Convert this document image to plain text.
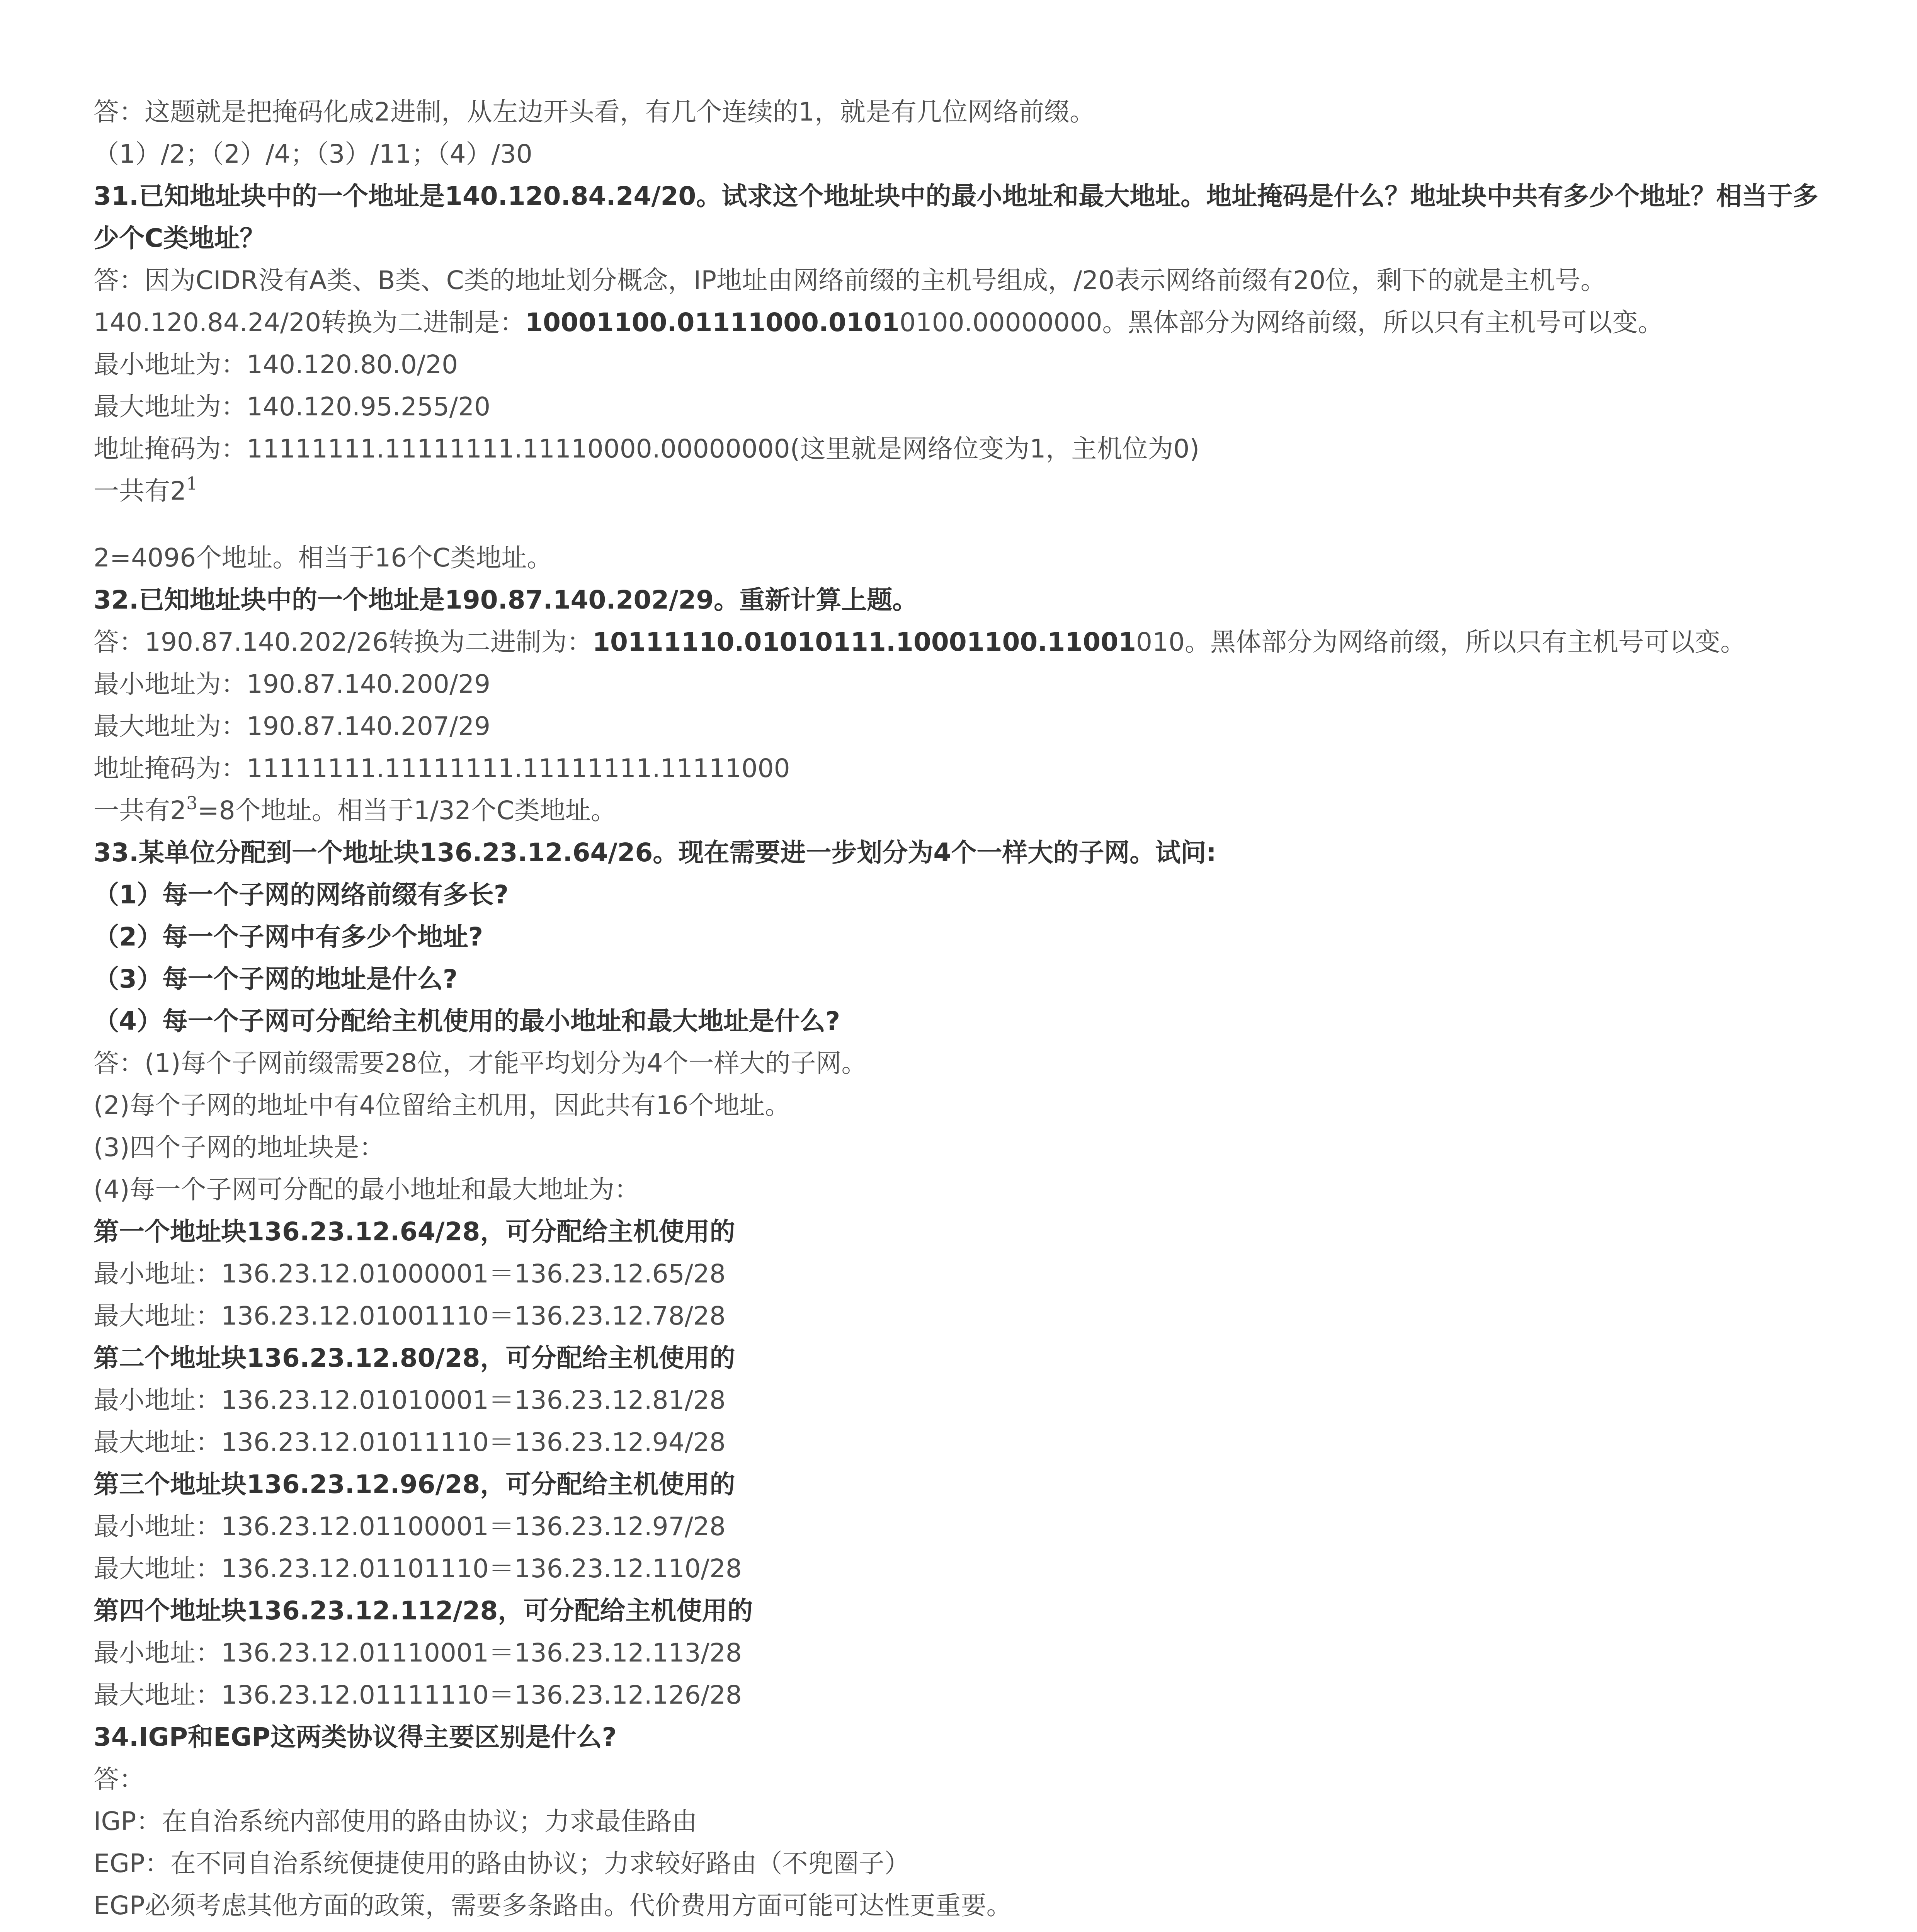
答：这题就是把掩码化成2进制，从左边开头看，有几个连续的1，就是有几位网络前缀。
（1）/2；（2）/4；（3）/11；（4）/30
31.已知地址块中的一个地址是140.120.84.24/20。试求这个地址块中的最小地址和最大地址。地址掩码是什么？地址块中共有多少个地址？相当于多少个C类地址？
答：因为CIDR没有A类、B类、C类的地址划分概念，IP地址由网络前缀的主机号组成，/20表示网络前缀有20位，剩下的就是主机号。
140.120.84.24/20转换为二进制是：10001100.01111000.01010100.00000000。黑体部分为网络前缀，所以只有主机号可以变。
最小地址为：140.120.80.0/20
最大地址为：140.120.95.255/20
地址掩码为：11111111.11111111.11110000.00000000(这里就是网络位变为1，主机位为0)
一共有$2^1$
2=4096个地址。相当于16个C类地址。
32.已知地址块中的一个地址是190.87.140.202/29。重新计算上题。
答：190.87.140.202/26转换为二进制为：10111110.01010111.10001100.11001010。黑体部分为网络前缀，所以只有主机号可以变。
最小地址为：190.87.140.200/29
最大地址为：190.87.140.207/29
地址掩码为：11111111.11111111.11111111.11111000
一共有$2^3=8$个地址。相当于1/32个C类地址。
33.某单位分配到一个地址块136.23.12.64/26。现在需要进一步划分为4个一样大的子网。试问:
（1）每一个子网的网络前缀有多长?
（2）每一个子网中有多少个地址?
（3）每一个子网的地址是什么?
（4）每一个子网可分配给主机使用的最小地址和最大地址是什么?
答：(1)每个子网前缀需要28位，才能平均划分为4个一样大的子网。
(2)每个子网的地址中有4位留给主机用，因此共有16个地址。
(3)四个子网的地址块是：
(4)每一个子网可分配的最小地址和最大地址为：
第一个地址块136.23.12.64/28，可分配给主机使用的
最小地址：136.23.12.01000001＝136.23.12.65/28
最大地址：136.23.12.01001110＝136.23.12.78/28
第二个地址块136.23.12.80/28，可分配给主机使用的
最小地址：136.23.12.01010001＝136.23.12.81/28
最大地址：136.23.12.01011110＝136.23.12.94/28
第三个地址块136.23.12.96/28，可分配给主机使用的
最小地址：136.23.12.01100001＝136.23.12.97/28
最大地址：136.23.12.01101110＝136.23.12.110/28
第四个地址块136.23.12.112/28，可分配给主机使用的
最小地址：136.23.12.01110001＝136.23.12.113/28
最大地址：136.23.12.01111110＝136.23.12.126/28
34.IGP和EGP这两类协议得主要区别是什么?
答：
IGP：在自治系统内部使用的路由协议；力求最佳路由
EGP：在不同自治系统便捷使用的路由协议；力求较好路由（不兜圈子）
EGP必须考虑其他方面的政策，需要多条路由。代价费用方面可能可达性更重要。
